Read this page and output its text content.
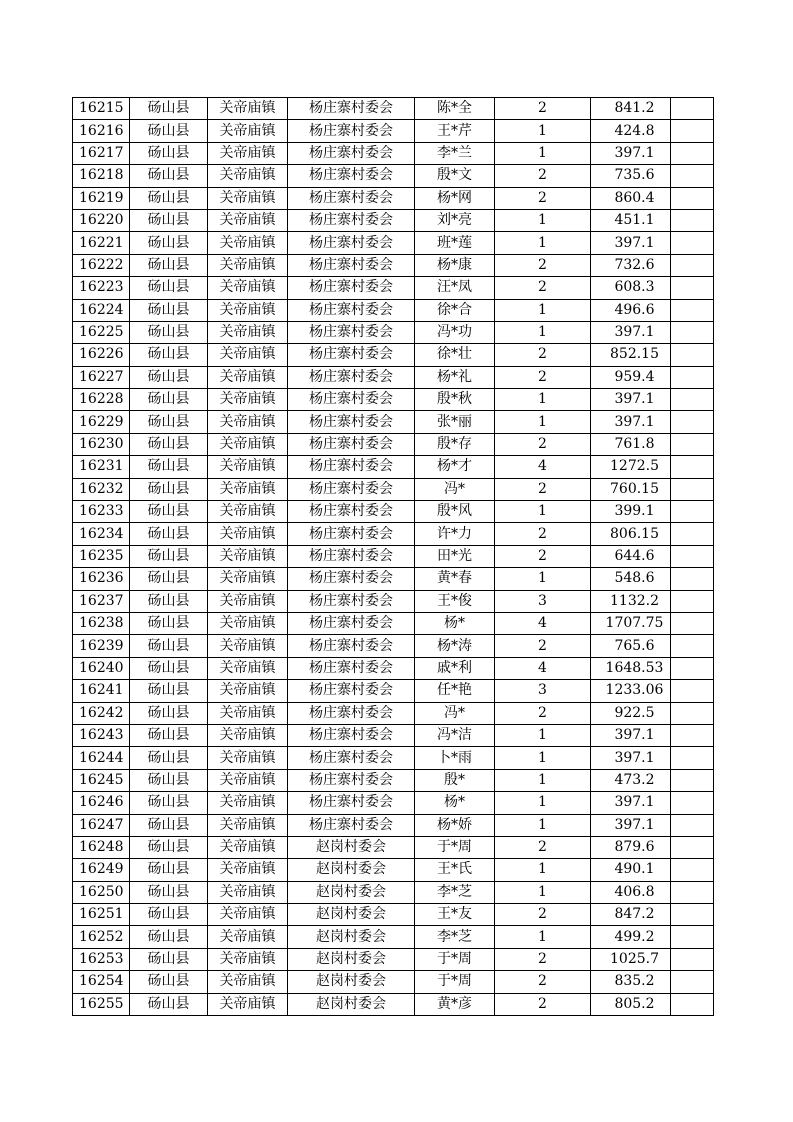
16215	砀山县	关帝庙镇	杨庄寨村委会	陈*全	2	841.2	
16216	砀山县	关帝庙镇	杨庄寨村委会	王*芹	1	424.8	
16217	砀山县	关帝庙镇	杨庄寨村委会	李*兰	1	397.1	
16218	砀山县	关帝庙镇	杨庄寨村委会	殷*文	2	735.6	
16219	砀山县	关帝庙镇	杨庄寨村委会	杨*网	2	860.4	
16220	砀山县	关帝庙镇	杨庄寨村委会	刘*亮	1	451.1	
16221	砀山县	关帝庙镇	杨庄寨村委会	班*莲	1	397.1	
16222	砀山县	关帝庙镇	杨庄寨村委会	杨*康	2	732.6	
16223	砀山县	关帝庙镇	杨庄寨村委会	汪*凤	2	608.3	
16224	砀山县	关帝庙镇	杨庄寨村委会	徐*合	1	496.6	
16225	砀山县	关帝庙镇	杨庄寨村委会	冯*功	1	397.1	
16226	砀山县	关帝庙镇	杨庄寨村委会	徐*壮	2	852.15	
16227	砀山县	关帝庙镇	杨庄寨村委会	杨*礼	2	959.4	
16228	砀山县	关帝庙镇	杨庄寨村委会	殷*秋	1	397.1	
16229	砀山县	关帝庙镇	杨庄寨村委会	张*丽	1	397.1	
16230	砀山县	关帝庙镇	杨庄寨村委会	殷*存	2	761.8	
16231	砀山县	关帝庙镇	杨庄寨村委会	杨*才	4	1272.5	
16232	砀山县	关帝庙镇	杨庄寨村委会	冯*	2	760.15	
16233	砀山县	关帝庙镇	杨庄寨村委会	殷*风	1	399.1	
16234	砀山县	关帝庙镇	杨庄寨村委会	许*力	2	806.15	
16235	砀山县	关帝庙镇	杨庄寨村委会	田*光	2	644.6	
16236	砀山县	关帝庙镇	杨庄寨村委会	黄*春	1	548.6	
16237	砀山县	关帝庙镇	杨庄寨村委会	王*俊	3	1132.2	
16238	砀山县	关帝庙镇	杨庄寨村委会	杨*	4	1707.75	
16239	砀山县	关帝庙镇	杨庄寨村委会	杨*涛	2	765.6	
16240	砀山县	关帝庙镇	杨庄寨村委会	戚*利	4	1648.53	
16241	砀山县	关帝庙镇	杨庄寨村委会	任*艳	3	1233.06	
16242	砀山县	关帝庙镇	杨庄寨村委会	冯*	2	922.5	
16243	砀山县	关帝庙镇	杨庄寨村委会	冯*洁	1	397.1	
16244	砀山县	关帝庙镇	杨庄寨村委会	卜*雨	1	397.1	
16245	砀山县	关帝庙镇	杨庄寨村委会	殷*	1	473.2	
16246	砀山县	关帝庙镇	杨庄寨村委会	杨*	1	397.1	
16247	砀山县	关帝庙镇	杨庄寨村委会	杨*娇	1	397.1	
16248	砀山县	关帝庙镇	赵岗村委会	于*周	2	879.6	
16249	砀山县	关帝庙镇	赵岗村委会	王*氏	1	490.1	
16250	砀山县	关帝庙镇	赵岗村委会	李*芝	1	406.8	
16251	砀山县	关帝庙镇	赵岗村委会	王*友	2	847.2	
16252	砀山县	关帝庙镇	赵岗村委会	李*芝	1	499.2	
16253	砀山县	关帝庙镇	赵岗村委会	于*周	2	1025.7	
16254	砀山县	关帝庙镇	赵岗村委会	于*周	2	835.2	
16255	砀山县	关帝庙镇	赵岗村委会	黄*彦	2	805.2	
